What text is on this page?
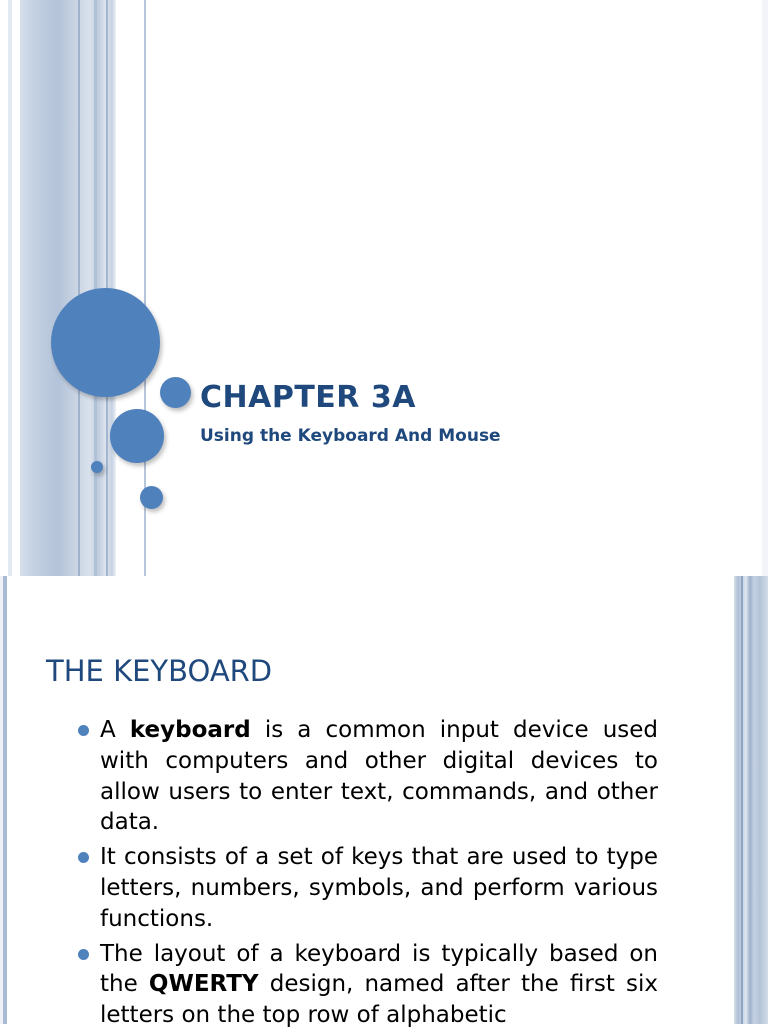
CHAPTER 3A
Using the Keyboard And Mouse
THE KEYBOARD
A keyboard is a common input device used with computers and other digital devices to allow users to enter text, commands, and other data.
It consists of a set of keys that are used to type letters, numbers, symbols, and perform various functions.
The layout of a keyboard is typically based on the QWERTY design, named after the first six letters on the top row of alphabetic
